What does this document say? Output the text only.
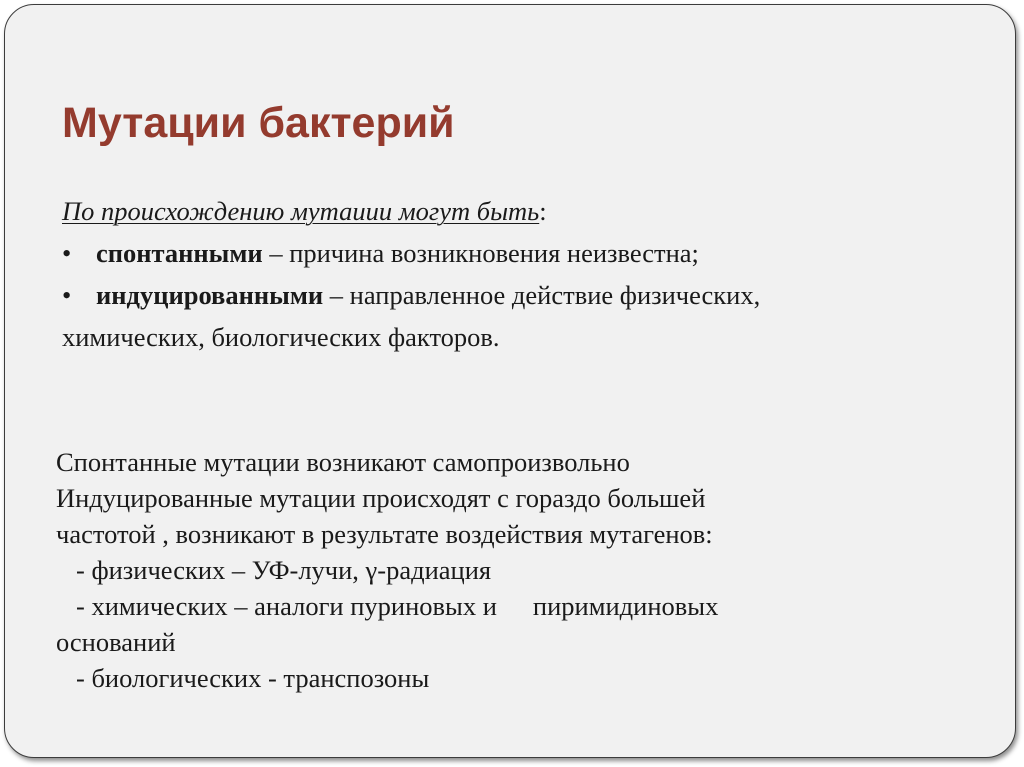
Мутации бактерий
По происхождению мутаиии могут быть:
• спонтанными – причина возникновения неизвестна;
• индуцированными – направленное действие физических,
химических, биологических факторов.
Спонтанные мутации возникают самопроизвольно
Индуцированные мутации происходят с гораздо большей
частотой , возникают в результате воздействия мутагенов:
- физических – УФ-лучи, γ-радиация
- химических – аналоги пуриновых и пиримидиновых
оснований
- биологических - транспозоны
